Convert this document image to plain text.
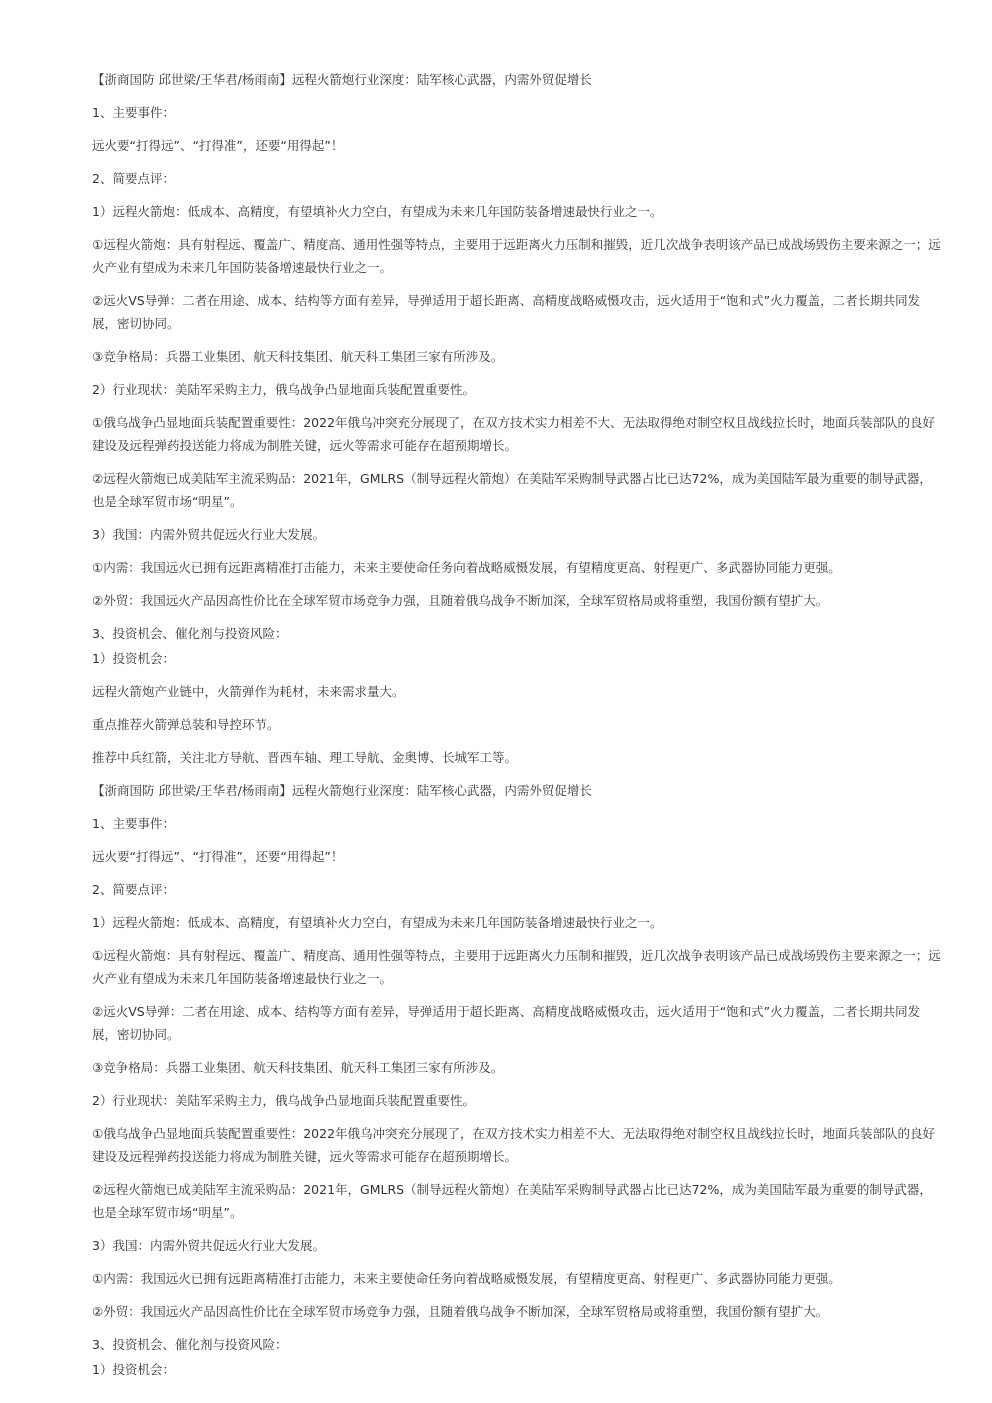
【浙商国防 邱世梁/王华君/杨雨南】远程火箭炮行业深度：陆军核心武器，内需外贸促增长

1、主要事件：

远火要“打得远”、“打得准”，还要“用得起”！

2、简要点评：

1）远程火箭炮：低成本、高精度，有望填补火力空白，有望成为未来几年国防装备增速最快行业之一。

①远程火箭炮：具有射程远、覆盖广、精度高、通用性强等特点，主要用于远距离火力压制和摧毁，近几次战争表明该产品已成战场毁伤主要来源之一；远火产业有望成为未来几年国防装备增速最快行业之一。

②远火VS导弹：二者在用途、成本、结构等方面有差异，导弹适用于超长距离、高精度战略威慑攻击，远火适用于“饱和式”火力覆盖，二者长期共同发展，密切协同。

③竞争格局：兵器工业集团、航天科技集团、航天科工集团三家有所涉及。

2）行业现状：美陆军采购主力，俄乌战争凸显地面兵装配置重要性。

①俄乌战争凸显地面兵装配置重要性：2022年俄乌冲突充分展现了，在双方技术实力相差不大、无法取得绝对制空权且战线拉长时，地面兵装部队的良好建设及远程弹药投送能力将成为制胜关键，远火等需求可能存在超预期增长。

②远程火箭炮已成美陆军主流采购品：2021年，GMLRS（制导远程火箭炮）在美陆军采购制导武器占比已达72%，成为美国陆军最为重要的制导武器，也是全球军贸市场“明星”。

3）我国：内需外贸共促远火行业大发展。

①内需：我国远火已拥有远距离精准打击能力，未来主要使命任务向着战略威慑发展，有望精度更高、射程更广、多武器协同能力更强。

②外贸：我国远火产品因高性价比在全球军贸市场竞争力强，且随着俄乌战争不断加深，全球军贸格局或将重塑，我国份额有望扩大。

3、投资机会、催化剂与投资风险：

1）投资机会：

远程火箭炮产业链中，火箭弹作为耗材，未来需求量大。

重点推荐火箭弹总装和导控环节。

推荐中兵红箭，关注北方导航、晋西车轴、理工导航、金奥博、长城军工等。

【浙商国防 邱世梁/王华君/杨雨南】远程火箭炮行业深度：陆军核心武器，内需外贸促增长

1、主要事件：

远火要“打得远”、“打得准”，还要“用得起”！

2、简要点评：

1）远程火箭炮：低成本、高精度，有望填补火力空白，有望成为未来几年国防装备增速最快行业之一。

①远程火箭炮：具有射程远、覆盖广、精度高、通用性强等特点，主要用于远距离火力压制和摧毁，近几次战争表明该产品已成战场毁伤主要来源之一；远火产业有望成为未来几年国防装备增速最快行业之一。

②远火VS导弹：二者在用途、成本、结构等方面有差异，导弹适用于超长距离、高精度战略威慑攻击，远火适用于“饱和式”火力覆盖，二者长期共同发展，密切协同。

③竞争格局：兵器工业集团、航天科技集团、航天科工集团三家有所涉及。

2）行业现状：美陆军采购主力，俄乌战争凸显地面兵装配置重要性。

①俄乌战争凸显地面兵装配置重要性：2022年俄乌冲突充分展现了，在双方技术实力相差不大、无法取得绝对制空权且战线拉长时，地面兵装部队的良好建设及远程弹药投送能力将成为制胜关键，远火等需求可能存在超预期增长。

②远程火箭炮已成美陆军主流采购品：2021年，GMLRS（制导远程火箭炮）在美陆军采购制导武器占比已达72%，成为美国陆军最为重要的制导武器，也是全球军贸市场“明星”。

3）我国：内需外贸共促远火行业大发展。

①内需：我国远火已拥有远距离精准打击能力，未来主要使命任务向着战略威慑发展，有望精度更高、射程更广、多武器协同能力更强。

②外贸：我国远火产品因高性价比在全球军贸市场竞争力强，且随着俄乌战争不断加深，全球军贸格局或将重塑，我国份额有望扩大。

3、投资机会、催化剂与投资风险：

1）投资机会：
